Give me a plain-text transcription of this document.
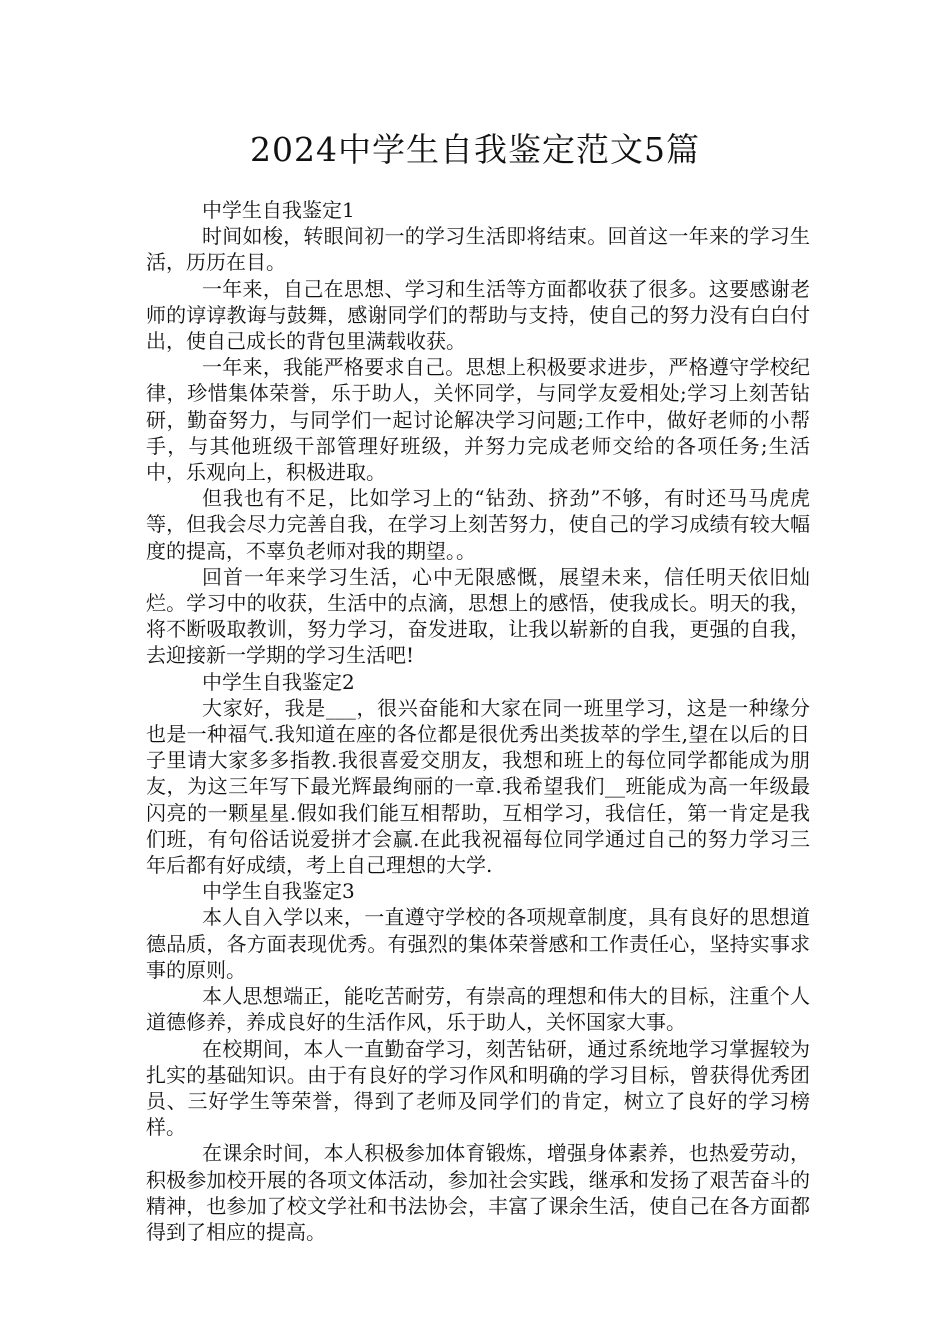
2024中学生自我鉴定范文5篇

中学生自我鉴定1

时间如梭，转眼间初一的学习生活即将结束。回首这一年来的学习生活，历历在目。

一年来，自己在思想、学习和生活等方面都收获了很多。这要感谢老师的谆谆教诲与鼓舞，感谢同学们的帮助与支持，使自己的努力没有白白付出，使自己成长的背包里满载收获。

一年来，我能严格要求自己。思想上积极要求进步，严格遵守学校纪律，珍惜集体荣誉，乐于助人，关怀同学，与同学友爱相处;学习上刻苦钻研，勤奋努力，与同学们一起讨论解决学习问题;工作中，做好老师的小帮手，与其他班级干部管理好班级，并努力完成老师交给的各项任务;生活中，乐观向上，积极进取。

但我也有不足，比如学习上的“钻劲、挤劲”不够，有时还马马虎虎等，但我会尽力完善自我，在学习上刻苦努力，使自己的学习成绩有较大幅度的提高，不辜负老师对我的期望。。

回首一年来学习生活，心中无限感慨，展望未来，信任明天依旧灿烂。学习中的收获，生活中的点滴，思想上的感悟，使我成长。明天的我，将不断吸取教训，努力学习，奋发进取，让我以崭新的自我，更强的自我，去迎接新一学期的学习生活吧!

中学生自我鉴定2

大家好，我是___，很兴奋能和大家在同一班里学习，这是一种缘分也是一种福气.我知道在座的各位都是很优秀出类拔萃的学生,望在以后的日子里请大家多多指教.我很喜爱交朋友，我想和班上的每位同学都能成为朋友，为这三年写下最光辉最绚丽的一章.我希望我们__班能成为高一年级最闪亮的一颗星星.假如我们能互相帮助，互相学习，我信任，第一肯定是我们班，有句俗话说爱拼才会赢.在此我祝福每位同学通过自己的努力学习三年后都有好成绩，考上自己理想的大学.

中学生自我鉴定3

本人自入学以来，一直遵守学校的各项规章制度，具有良好的思想道 德品质，各方面表现优秀。有强烈的集体荣誉感和工作责任心，坚持实事求事的原则。

本人思想端正，能吃苦耐劳，有崇高的理想和伟大的目标，注重个人道德修养，养成良好的生活作风，乐于助人，关怀国家大事。

在校期间，本人一直勤奋学习，刻苦钻研，通过系统地学习掌握较为扎实的基础知识。由于有良好的学习作风和明确的学习目标，曾获得优秀团员、三好学生等荣誉，得到了老师及同学们的肯定，树立了良好的学习榜样。

在课余时间，本人积极参加体育锻炼，增强身体素养，也热爱劳动，积极参加校开展的各项文体活动，参加社会实践，继承和发扬了艰苦奋斗的精神，也参加了校文学社和书法协会，丰富了课余生活，使自己在各方面都得到了相应的提高。
